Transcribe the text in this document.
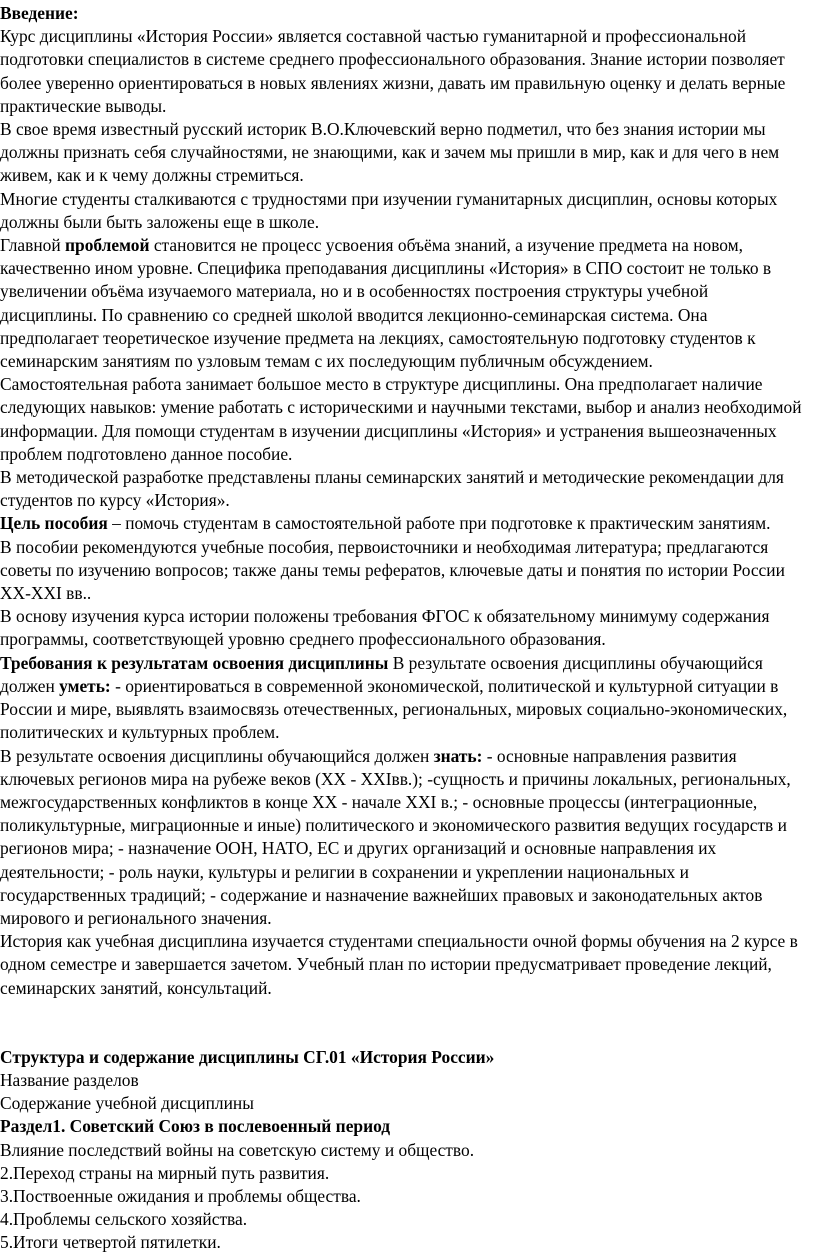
Введение:

Курс дисциплины «История России» является составной частью гуманитарной и профессиональной подготовки специалистов в системе среднего профессионального образования. Знание истории позволяет более уверенно ориентироваться в новых явлениях жизни, давать им правильную оценку и делать верные практические выводы.

В свое время известный русский историк В.О.Ключевский верно подметил, что без знания истории мы должны признать себя случайностями, не знающими, как и зачем мы пришли в мир, как и для чего в нем живем, как и к чему должны стремиться.

Многие студенты сталкиваются с трудностями при изучении гуманитарных дисциплин, основы которых должны были быть заложены еще в школе.

Главной проблемой становится не процесс усвоения объёма знаний, а изучение предмета на новом, качественно ином уровне. Специфика преподавания дисциплины «История» в СПО состоит не только в увеличении объёма изучаемого материала, но и в особенностях построения структуры учебной дисциплины. По сравнению со средней школой вводится лекционно-семинарская система. Она предполагает теоретическое изучение предмета на лекциях, самостоятельную подготовку студентов к семинарским занятиям по узловым темам с их последующим публичным обсуждением.

Самостоятельная работа занимает большое место в структуре дисциплины. Она предполагает наличие следующих навыков: умение работать с историческими и научными текстами, выбор и анализ необходимой информации. Для помощи студентам в изучении дисциплины «История» и устранения вышеозначенных проблем подготовлено данное пособие.

В методической разработке представлены планы семинарских занятий и методические рекомендации для студентов по курсу «История».

Цель пособия – помочь студентам в самостоятельной работе при подготовке к практическим занятиям.

В пособии рекомендуются учебные пособия, первоисточники и необходимая литература; предлагаются советы по изучению вопросов; также даны темы рефератов, ключевые даты и понятия по истории России XX-XXI вв..

В основу изучения курса истории положены требования ФГОС к обязательному минимуму содержания программы, соответствующей уровню среднего профессионального образования.

Требования к результатам освоения дисциплины В результате освоения дисциплины обучающийся должен уметь: - ориентироваться в современной экономической, политической и культурной ситуации в России и мире, выявлять взаимосвязь отечественных, региональных, мировых социально-экономических, политических и культурных проблем.

В результате освоения дисциплины обучающийся должен знать: - основные направления развития ключевых регионов мира на рубеже веков (XX - XXIвв.); -сущность и причины локальных, региональных, межгосударственных конфликтов в конце XX - начале XXI в.; - основные процессы (интеграционные, поликультурные, миграционные и иные) политического и экономического развития ведущих государств и регионов мира; - назначение ООН, НАТО, ЕС и других организаций и основные направления их деятельности; - роль науки, культуры и религии в сохранении и укреплении национальных и государственных традиций; - содержание и назначение важнейших правовых и законодательных актов мирового и регионального значения.

История как учебная дисциплина изучается студентами специальности очной формы обучения на 2 курсе в одном семестре и завершается зачетом. Учебный план по истории предусматривает проведение лекций, семинарских занятий, консультаций.

Структура и содержание дисциплины СГ.01 «История России»

Название разделов

Содержание учебной дисциплины

Раздел1. Советский Союз в послевоенный период

Влияние последствий войны на советскую систему и общество.

2.Переход страны на мирный путь развития.

3.Поствоенные ожидания и проблемы общества.

4.Проблемы сельского хозяйства.

5.Итоги четвертой пятилетки.
